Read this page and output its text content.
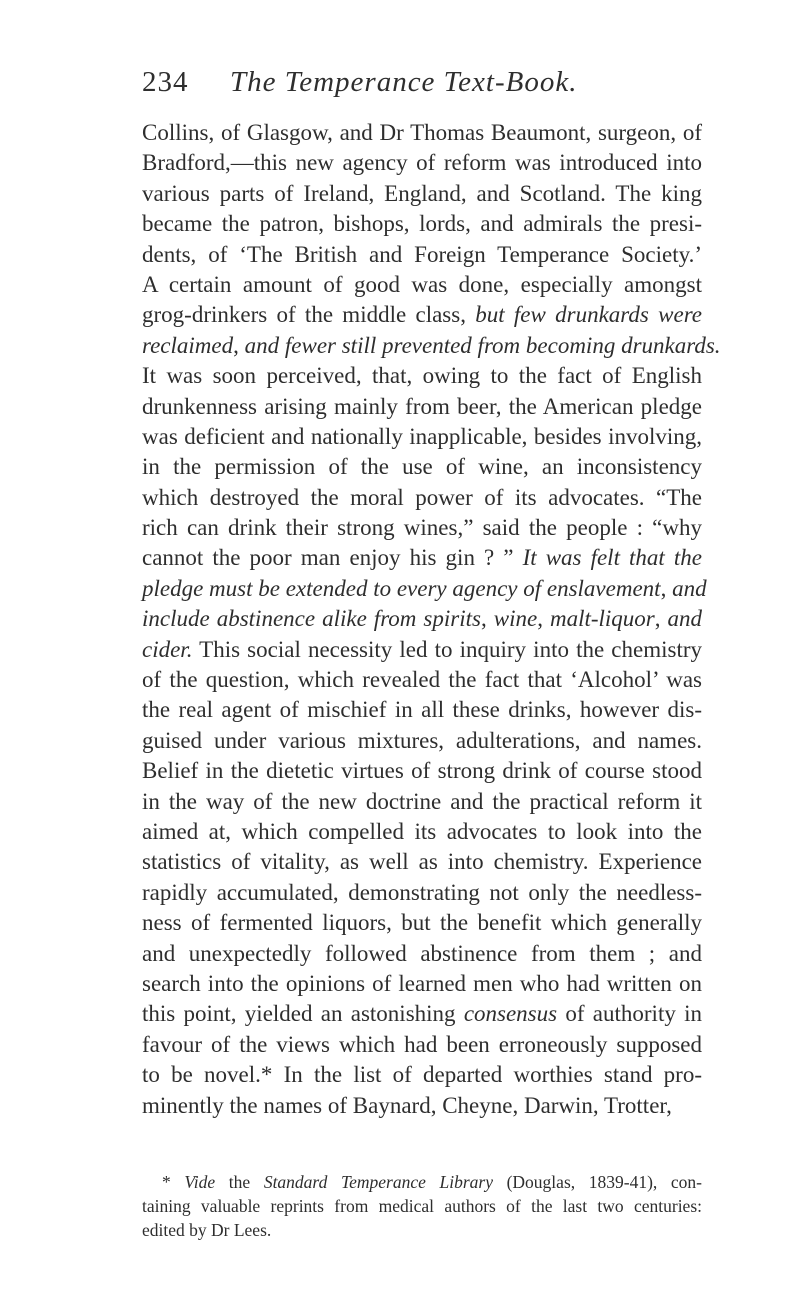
234 The Temperance Text-Book.
Collins, of Glasgow, and Dr Thomas Beaumont, surgeon, of
Bradford,—this new agency of reform was introduced into
various parts of Ireland, England, and Scotland. The king
became the patron, bishops, lords, and admirals the presi-
dents, of ‘The British and Foreign Temperance Society.’
A certain amount of good was done, especially amongst
grog-drinkers of the middle class, but few drunkards were
reclaimed, and fewer still prevented from becoming drunkards.
It was soon perceived, that, owing to the fact of English
drunkenness arising mainly from beer, the American pledge
was deficient and nationally inapplicable, besides involving,
in the permission of the use of wine, an inconsistency
which destroyed the moral power of its advocates. “The
rich can drink their strong wines,” said the people : “why
cannot the poor man enjoy his gin ? ” It was felt that the
pledge must be extended to every agency of enslavement, and
include abstinence alike from spirits, wine, malt-liquor, and
cider. This social necessity led to inquiry into the chemistry
of the question, which revealed the fact that ‘Alcohol’ was
the real agent of mischief in all these drinks, however dis-
guised under various mixtures, adulterations, and names.
Belief in the dietetic virtues of strong drink of course stood
in the way of the new doctrine and the practical reform it
aimed at, which compelled its advocates to look into the
statistics of vitality, as well as into chemistry. Experience
rapidly accumulated, demonstrating not only the needless-
ness of fermented liquors, but the benefit which generally
and unexpectedly followed abstinence from them ; and
search into the opinions of learned men who had written on
this point, yielded an astonishing consensus of authority in
favour of the views which had been erroneously supposed
to be novel.* In the list of departed worthies stand pro-
minently the names of Baynard, Cheyne, Darwin, Trotter,
* Vide the Standard Temperance Library (Douglas, 1839-41), con-
taining valuable reprints from medical authors of the last two centuries:
edited by Dr Lees.
